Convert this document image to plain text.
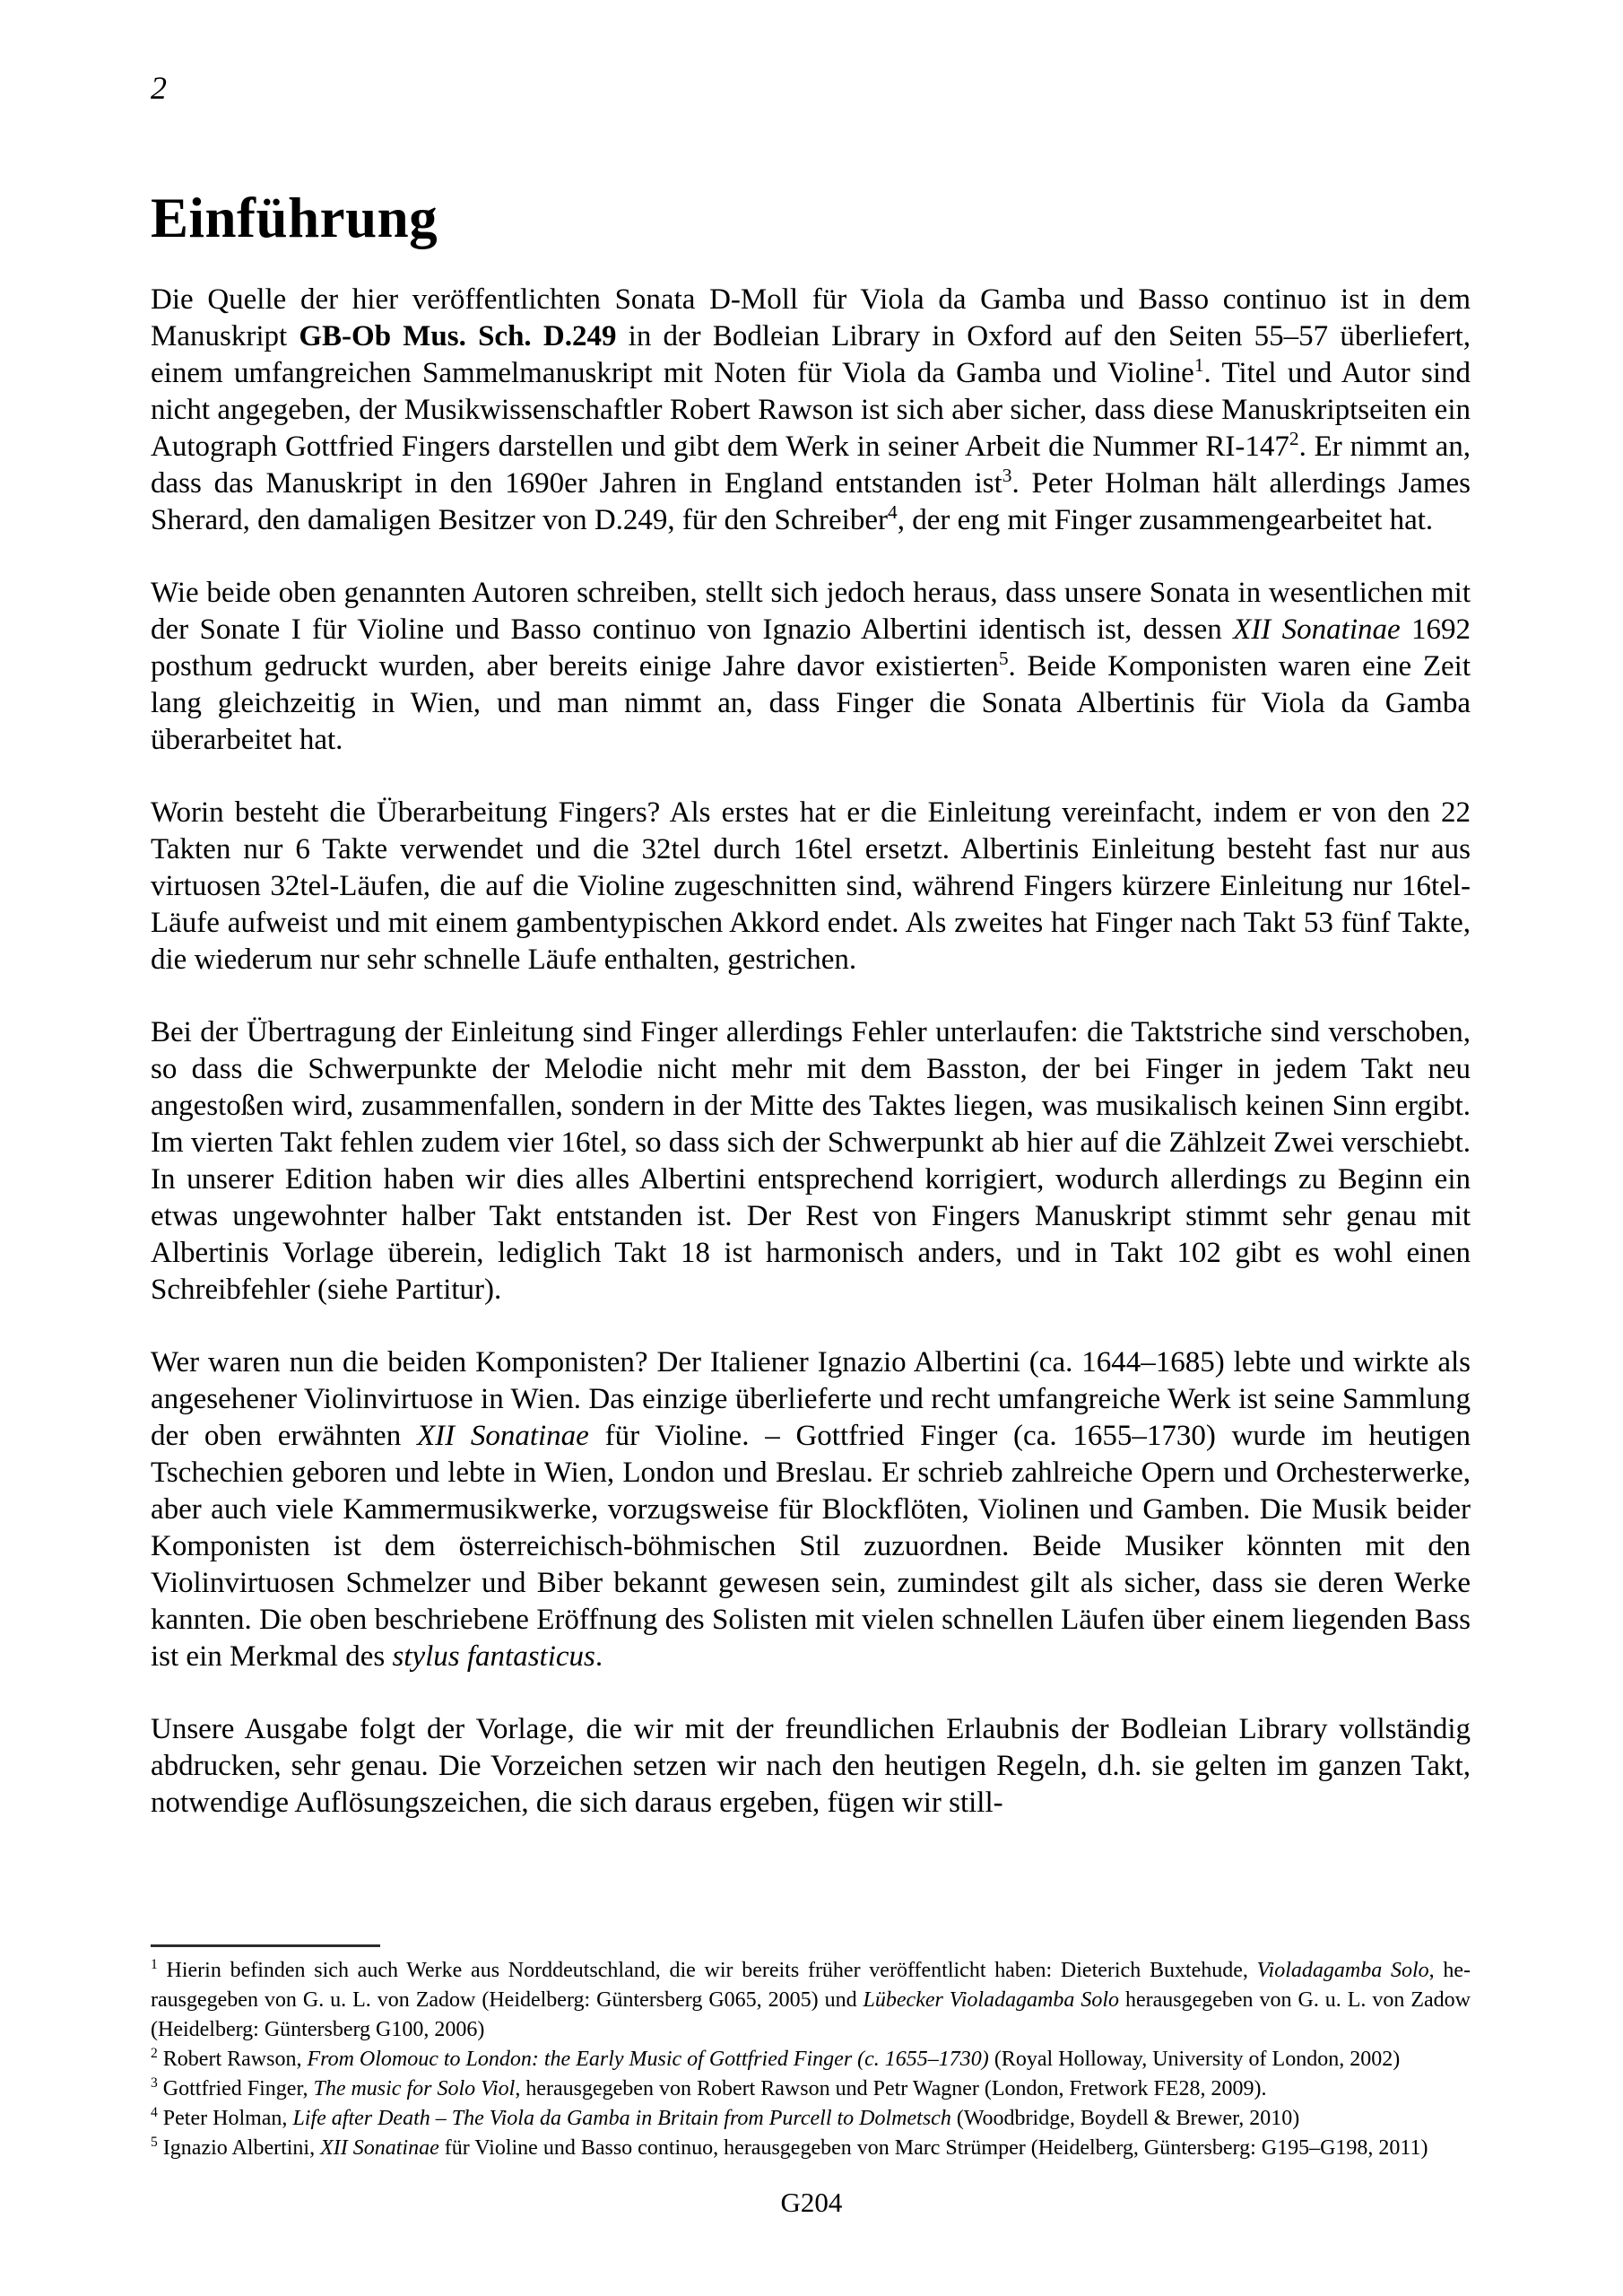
2
Einführung

Die Quelle der hier veröffentlichten Sonata D-Moll für Viola da Gamba und Basso continuo ist in dem Manuskript GB-Ob Mus. Sch. D.249 in der Bodleian Library in Oxford auf den Seiten 55–57 überliefert, einem umfangreichen Sammelmanuskript mit Noten für Viola da Gamba und Violine$^1$. Titel und Autor sind nicht angegeben, der Musikwissenschaftler Robert Rawson ist sich aber sicher, dass diese Manuskriptseiten ein Autograph Gottfried Fingers darstellen und gibt dem Werk in seiner Arbeit die Nummer RI-147$^2$. Er nimmt an, dass das Manuskript in den 1690er Jahren in England entstanden ist$^3$. Peter Holman hält allerdings James Sherard, den damaligen Besitzer von D.249, für den Schreiber$^4$, der eng mit Finger zusammengearbeitet hat.

Wie beide oben genannten Autoren schreiben, stellt sich jedoch heraus, dass unsere Sonata in wesentlichen mit der Sonate I für Violine und Basso continuo von Ignazio Albertini identisch ist, dessen XII Sonatinae 1692 posthum gedruckt wurden, aber bereits einige Jahre davor existierten$^5$. Beide Komponisten waren eine Zeit lang gleichzeitig in Wien, und man nimmt an, dass Finger die Sonata Albertinis für Viola da Gamba überarbeitet hat.

Worin besteht die Überarbeitung Fingers? Als erstes hat er die Einleitung vereinfacht, indem er von den 22 Takten nur 6 Takte verwendet und die 32tel durch 16tel ersetzt. Albertinis Einleitung besteht fast nur aus virtuosen 32tel-Läufen, die auf die Violine zugeschnitten sind, während Fingers kürzere Einleitung nur 16tel-Läufe aufweist und mit einem gambentypischen Akkord endet. Als zweites hat Finger nach Takt 53 fünf Takte, die wiederum nur sehr schnelle Läufe enthalten, gestrichen.

Bei der Übertragung der Einleitung sind Finger allerdings Fehler unterlaufen: die Taktstriche sind verschoben, so dass die Schwerpunkte der Melodie nicht mehr mit dem Basston, der bei Finger in jedem Takt neu angestoßen wird, zusammenfallen, sondern in der Mitte des Taktes liegen, was musikalisch keinen Sinn ergibt. Im vierten Takt fehlen zudem vier 16tel, so dass sich der Schwerpunkt ab hier auf die Zählzeit Zwei verschiebt. In unserer Edition haben wir dies alles Albertini entsprechend korrigiert, wodurch allerdings zu Beginn ein etwas ungewohnter halber Takt entstanden ist. Der Rest von Fingers Manuskript stimmt sehr genau mit Albertinis Vorlage überein, lediglich Takt 18 ist harmonisch anders, und in Takt 102 gibt es wohl einen Schreibfehler (siehe Partitur).

Wer waren nun die beiden Komponisten? Der Italiener Ignazio Albertini (ca. 1644–1685) lebte und wirkte als angesehener Violinvirtuose in Wien. Das einzige überlieferte und recht umfangreiche Werk ist seine Sammlung der oben erwähnten XII Sonatinae für Violine. – Gottfried Finger (ca. 1655–1730) wurde im heutigen Tschechien geboren und lebte in Wien, London und Breslau. Er schrieb zahlreiche Opern und Orchesterwerke, aber auch viele Kammermusikwerke, vorzugsweise für Blockflöten, Violinen und Gamben. Die Musik beider Komponisten ist dem österreichisch-böhmischen Stil zuzuordnen. Beide Musiker könnten mit den Violinvirtuosen Schmelzer und Biber bekannt gewesen sein, zumindest gilt als sicher, dass sie deren Werke kannten. Die oben beschriebene Eröffnung des Solisten mit vielen schnellen Läufen über einem liegenden Bass ist ein Merkmal des stylus fantasticus.

Unsere Ausgabe folgt der Vorlage, die wir mit der freundlichen Erlaubnis der Bodleian Library vollständig abdrucken, sehr genau. Die Vorzeichen setzen wir nach den heutigen Regeln, d.h. sie gelten im ganzen Takt, notwendige Auflösungszeichen, die sich daraus ergeben, fügen wir still-

$^1$ Hierin befinden sich auch Werke aus Norddeutschland, die wir bereits früher veröffentlicht haben: Dieterich Buxtehude, Violadagamba Solo, herausgegeben von G. u. L. von Zadow (Heidelberg: Güntersberg G065, 2005) und Lübecker Violadagamba Solo herausgegeben von G. u. L. von Zadow (Heidelberg: Güntersberg G100, 2006)

$^2$ Robert Rawson, From Olomouc to London: the Early Music of Gottfried Finger (c. 1655–1730) (Royal Holloway, University of London, 2002)

$^3$ Gottfried Finger, The music for Solo Viol, herausgegeben von Robert Rawson und Petr Wagner (London, Fretwork FE28, 2009).

$^4$ Peter Holman, Life after Death – The Viola da Gamba in Britain from Purcell to Dolmetsch (Woodbridge, Boydell & Brewer, 2010)

$^5$ Ignazio Albertini, XII Sonatinae für Violine und Basso continuo, herausgegeben von Marc Strümper (Heidelberg, Güntersberg: G195–G198, 2011)

G204
